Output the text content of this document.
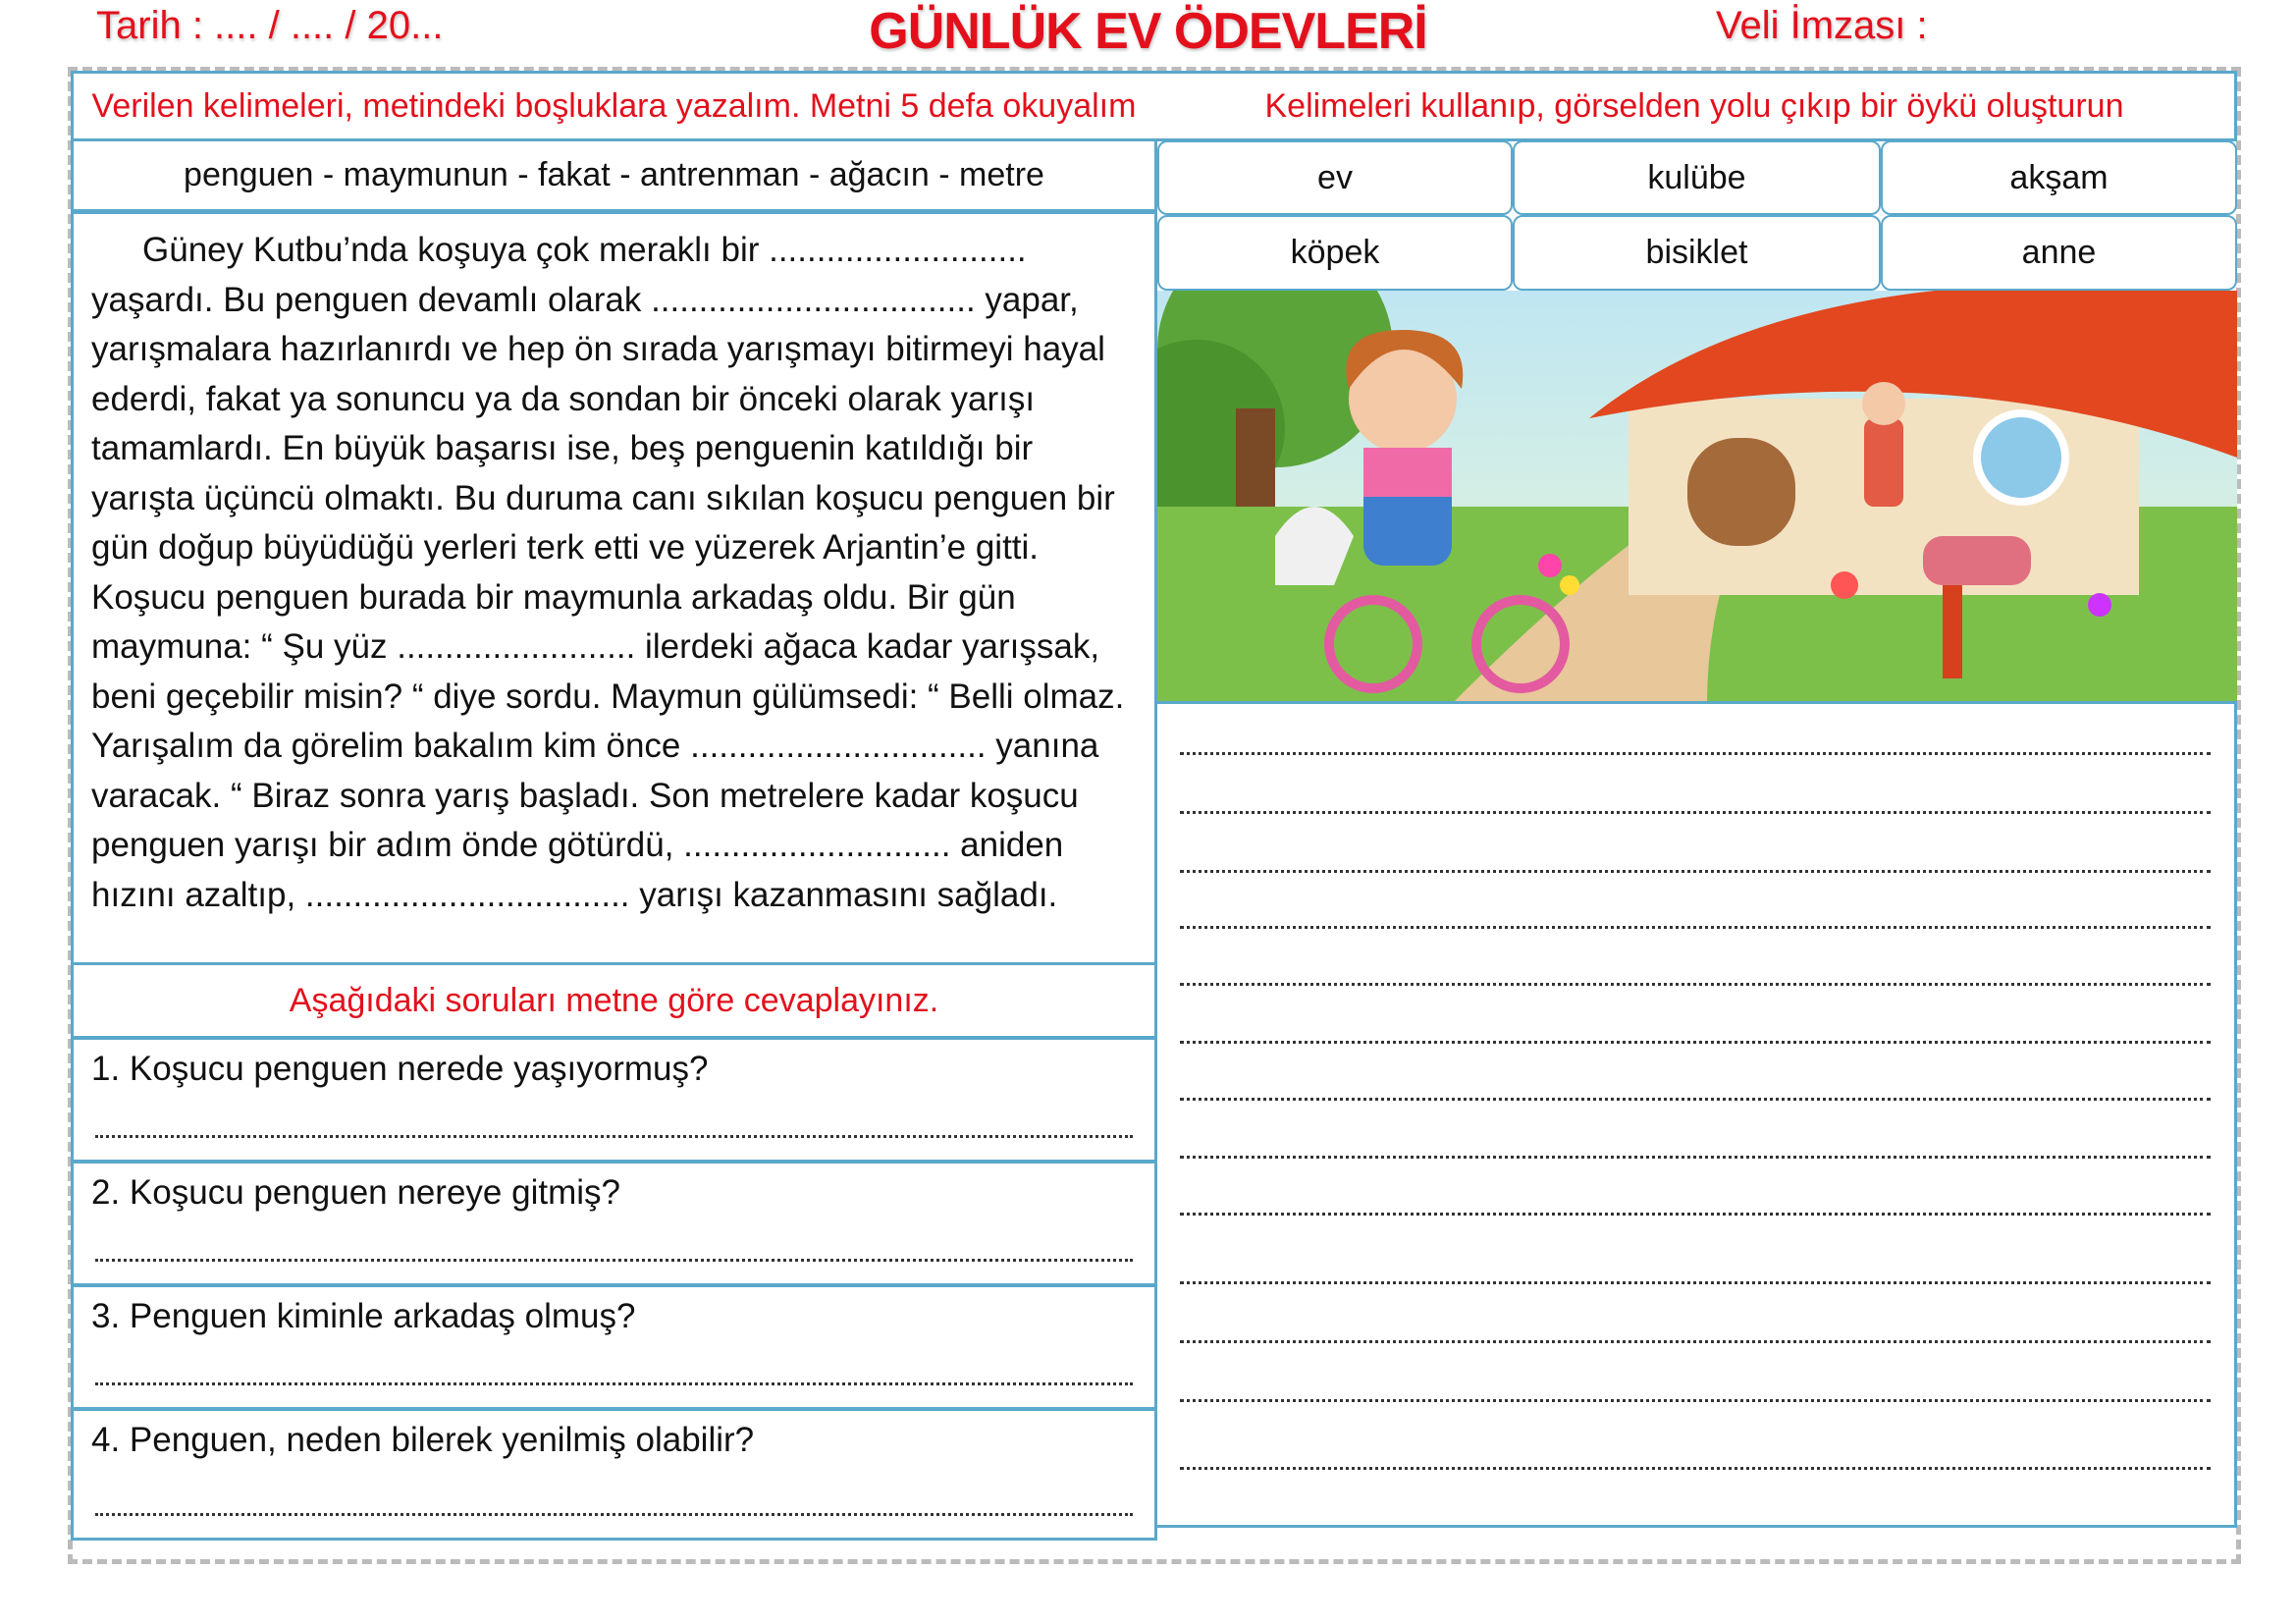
Tarih : .... / .... / 20...	GÜNLÜK EV ÖDEVLERİ	Veli İmzası :
Verilen kelimeleri, metindeki boşluklara yazalım. Metni 5 defa okuyalım
penguen - maymunun - fakat - antrenman - ağacın - metre

Güney Kutbu’nda koşuya çok meraklı bir ........................... yaşardı. Bu penguen devamlı olarak .................................. yapar, yarışmalara hazırlanırdı ve hep ön sırada yarışmayı bitirmeyi hayal ederdi, fakat ya sonuncu ya da sondan bir önceki olarak yarışı tamamlardı. En büyük başarısı ise, beş penguenin katıldığı bir yarışta üçüncü olmaktı. Bu duruma canı sıkılan koşucu penguen bir gün doğup büyüdüğü yerleri terk etti ve yüzerek Arjantin’e gitti. Koşucu penguen burada bir maymunla arkadaş oldu. Bir gün maymuna: “ Şu yüz ......................... ilerdeki ağaca kadar yarışsak, beni geçebilir misin? “ diye sordu. Maymun gülümsedi: “ Belli olmaz. Yarışalım da görelim bakalım kim önce ............................... yanına varacak. “ Biraz sonra yarış başladı. Son metrelere kadar koşucu penguen yarışı bir adım önde götürdü, ............................ aniden hızını azaltıp, .................................. yarışı kazanmasını sağladı.

Aşağıdaki soruları metne göre cevaplayınız.
1. Koşucu penguen nerede yaşıyormuş?
2. Koşucu penguen nereye gitmiş?
3. Penguen kiminle arkadaş olmuş?
4. Penguen, neden bilerek yenilmiş olabilir?
Kelimeleri kullanıp, görselden yolu çıkıp bir öykü oluşturun
ev	kulübe	akşam
köpek	bisiklet	anne
